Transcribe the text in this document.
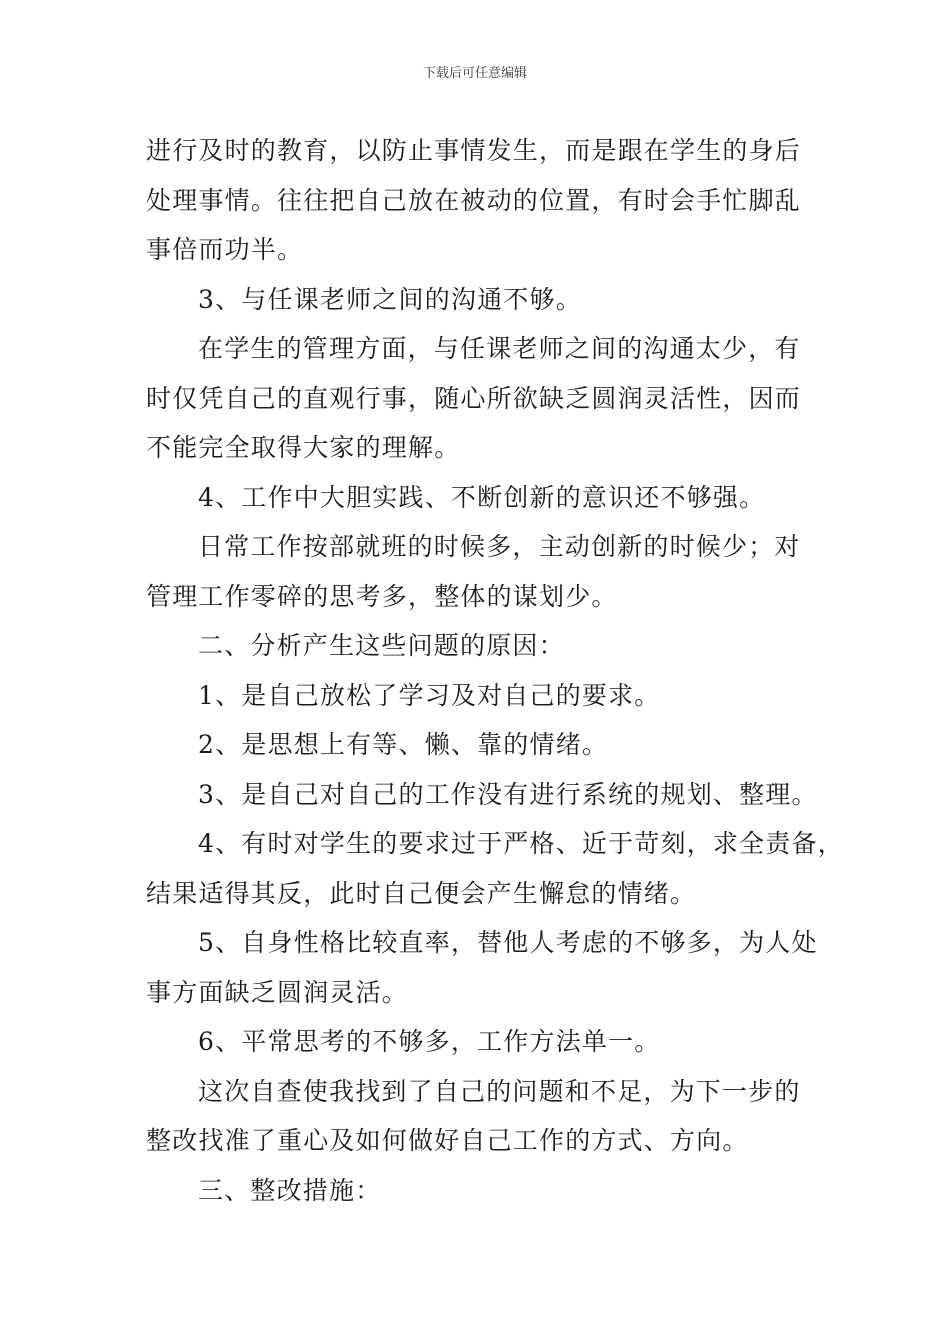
下载后可任意编辑

进行及时的教育，以防止事情发生，而是跟在学生的身后

处理事情。往往把自己放在被动的位置，有时会手忙脚乱

事倍而功半。

3、与任课老师之间的沟通不够。

在学生的管理方面，与任课老师之间的沟通太少，有

时仅凭自己的直观行事，随心所欲缺乏圆润灵活性，因而

不能完全取得大家的理解。

4、工作中大胆实践、不断创新的意识还不够强。

日常工作按部就班的时候多，主动创新的时候少；对

管理工作零碎的思考多，整体的谋划少。

二、分析产生这些问题的原因：

1、是自己放松了学习及对自己的要求。

2、是思想上有等、懒、靠的情绪。

3、是自己对自己的工作没有进行系统的规划、整理。

4、有时对学生的要求过于严格、近于苛刻，求全责备，

结果适得其反，此时自己便会产生懈怠的情绪。

5、自身性格比较直率，替他人考虑的不够多，为人处

事方面缺乏圆润灵活。

6、平常思考的不够多，工作方法单一。

这次自查使我找到了自己的问题和不足，为下一步的

整改找准了重心及如何做好自己工作的方式、方向。

三、整改措施：
